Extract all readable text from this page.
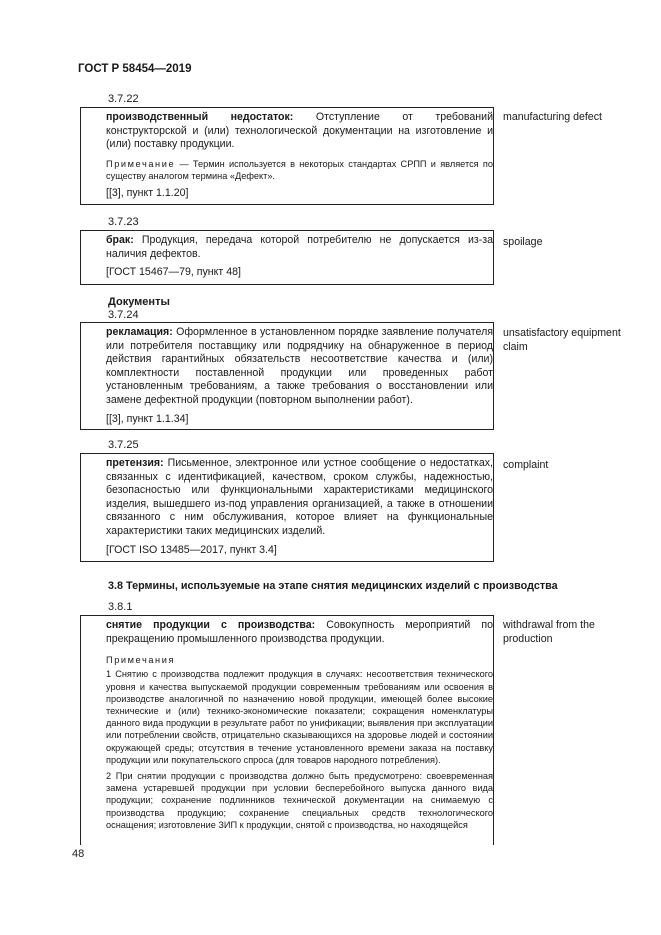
ГОСТ Р 58454—2019
3.7.22

производственный недостаток: Отступление от требований конструкторской и (или) технологической документации на изготовление и (или) поставку продукции.

Примечание — Термин используется в некоторых стандартах СРПП и является по существу аналогом термина «Дефект».

[[3], пункт 1.1.20]

manufacturing defect
3.7.23

брак: Продукция, передача которой потребителю не допускается из-за наличия дефектов.

[ГОСТ 15467—79, пункт 48]

spoilage
Документы
3.7.24

рекламация: Оформленное в установленном порядке заявление получателя или потребителя поставщику или подрядчику на обнаруженное в период действия гарантийных обязательств несоответствие качества и (или) комплектности поставленной продукции или проведенных работ установленным требованиям, а также требования о восстановлении или замене дефектной продукции (повторном выполнении работ).

[[3], пункт 1.1.34]

unsatisfactory equipment claim
3.7.25

претензия: Письменное, электронное или устное сообщение о недостатках, связанных с идентификацией, качеством, сроком службы, надежностью, безопасностью или функциональными характеристиками медицинского изделия, вышедшего из-под управления организацией, а также в отношении связанного с ним обслуживания, которое влияет на функциональные характеристики таких медицинских изделий.

[ГОСТ ISO 13485—2017, пункт 3.4]

complaint
3.8 Термины, используемые на этапе снятия медицинских изделий с производства
3.8.1

снятие продукции с производства: Совокупность мероприятий по прекращению промышленного производства продукции.

Примечания

1 Снятию с производства подлежит продукция в случаях: несоответствия технического уровня и качества выпускаемой продукции современным требованиям или освоения в производстве аналогичной по назначению новой продукции, имеющей более высокие технические и (или) технико-экономические показатели; сокращения номенклатуры данного вида продукции в результате работ по унификации; выявления при эксплуатации или потреблении свойств, отрицательно сказывающихся на здоровье людей и состоянии окружающей среды; отсутствия в течение установленного времени заказа на поставку продукции или покупательского спроса (для товаров народного потребления).

2 При снятии продукции с производства должно быть предусмотрено: своевременная замена устаревшей продукции при условии бесперебойного выпуска данного вида продукции; сохранение подлинников технической документации на снимаемую с производства продукцию; сохранение специальных средств технологического оснащения; изготовление ЗИП к продукции, снятой с производства, но находящейся

withdrawal from the production
48
